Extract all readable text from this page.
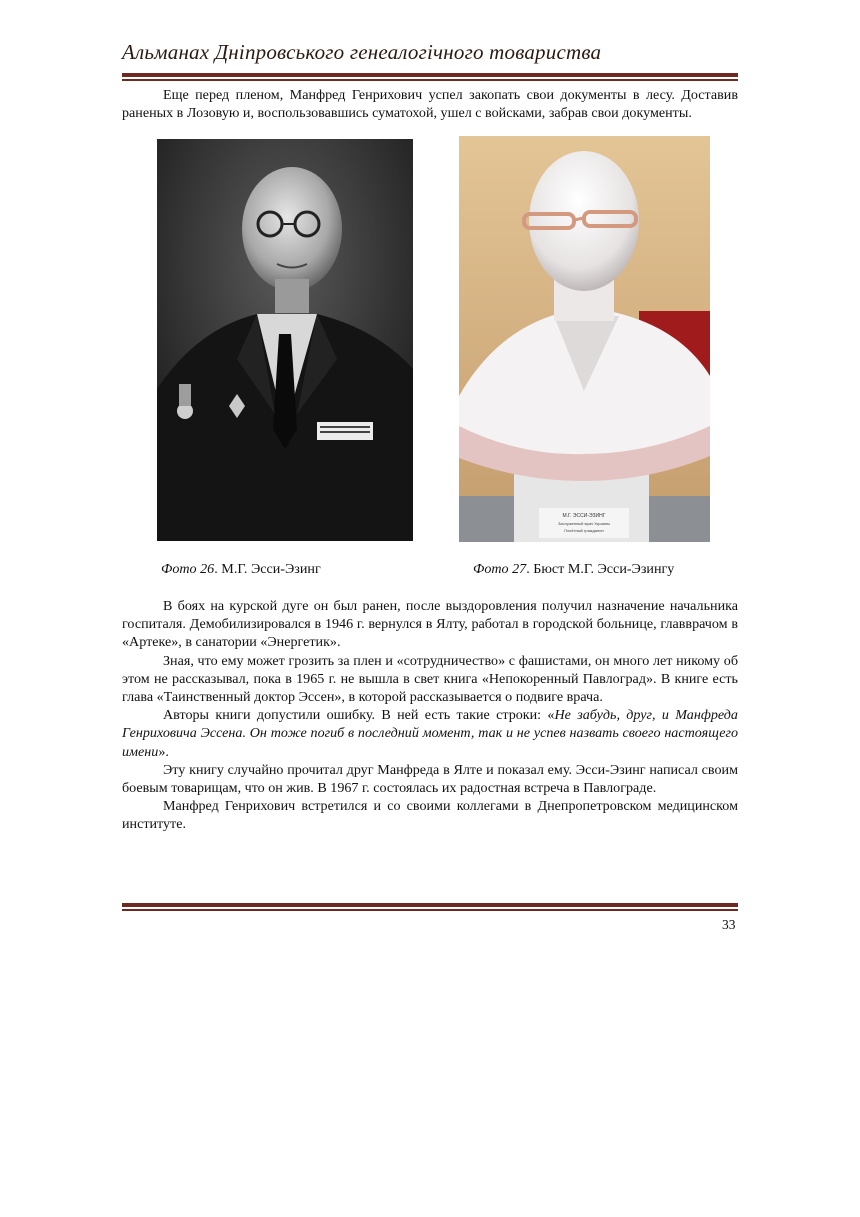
Альманах Дніпровського генеалогічного товариства

Еще перед пленом, Манфред Генрихович успел закопать свои документы в лесу. Доставив раненых в Лозовую и, воспользовавшись суматохой, ушел с войсками, забрав свои документы.

М.Г. ЭССИ-ЭЗИНГ
Заслуженный врач Украины
Почётный гражданин
Фото 26. М.Г. Эсси-Эзинг	Фото 27. Бюст М.Г. Эсси-Эзингу

В боях на курской дуге он был ранен, после выздоровления получил назначение начальника госпиталя. Демобилизировался в 1946 г. вернулся в Ялту, работал в городской больнице, главврачом в «Артеке», в санатории «Энергетик».

Зная, что ему может грозить за плен и «сотрудничество» с фашистами, он много лет никому об этом не рассказывал, пока в 1965 г. не вышла в свет книга «Непокоренный Павлоград». В книге есть глава «Таинственный доктор Эссен», в которой рассказывается о подвиге врача.

Авторы книги допустили ошибку. В ней есть такие строки: «Не забудь, друг, и Манфреда Генриховича Эссена. Он тоже погиб в последний момент, так и не успев назвать своего настоящего имени».

Эту книгу случайно прочитал друг Манфреда в Ялте и показал ему. Эсси-Эзинг написал своим боевым товарищам, что он жив. В 1967 г. состоялась их радостная встреча в Павлограде.

Манфред Генрихович встретился и со своими коллегами в Днепропетровском медицинском институте.

33
